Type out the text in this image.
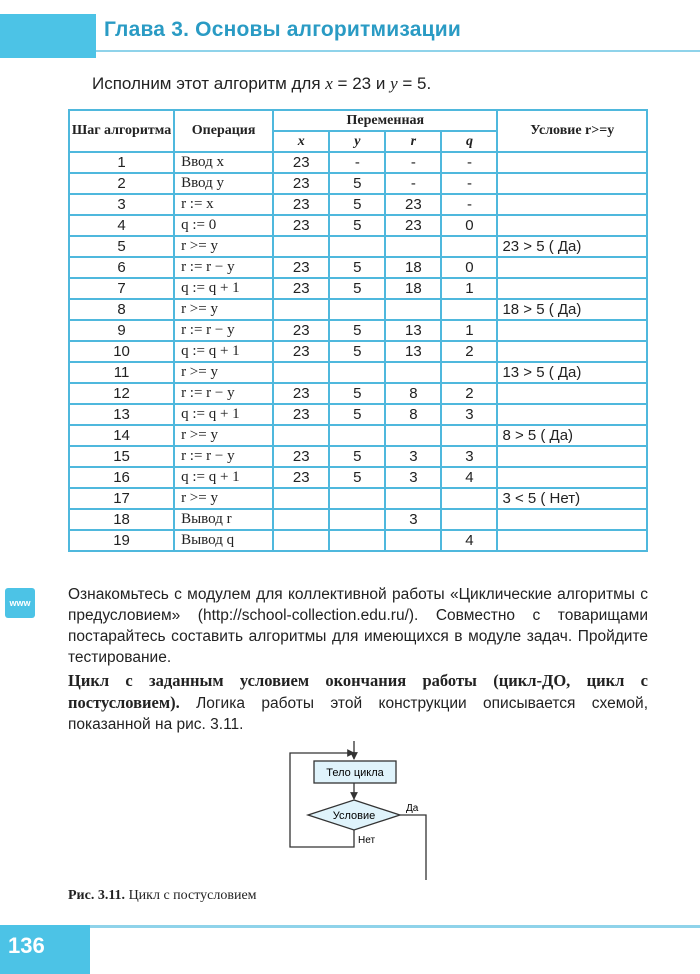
Глава 3. Основы алгоритмизации
Исполним этот алгоритм для x = 23 и y = 5.
Шаг алгоритма	Операция	Переменная				Условие r>=y
		x	y	r	q	
1	Ввод x	23	-	-	-	
2	Ввод y	23	5	-	-	
3	r := x	23	5	23	-	
4	q := 0	23	5	23	0	
5	r >= y					23 > 5 ( Да)
6	r := r − y	23	5	18	0	
7	q := q + 1	23	5	18	1	
8	r >= y					18 > 5 ( Да)
9	r := r − y	23	5	13	1	
10	q := q + 1	23	5	13	2	
11	r >= y					13 > 5 ( Да)
12	r := r − y	23	5	8	2	
13	q := q + 1	23	5	8	3	
14	r >= y					8 > 5 ( Да)
15	r := r − y	23	5	3	3	
16	q := q + 1	23	5	3	4	
17	r >= y					3 < 5 ( Нет)
18	Вывод r			3		
19	Вывод q				4	
www Ознакомьтесь с модулем для коллективной работы «Циклические алгоритмы с предусловием» (http://school-collection.edu.ru/). Совместно с товарищами постарайтесь составить алгоритмы для имеющихся в модуле задач. Пройдите тестирование.
Цикл с заданным условием окончания работы (цикл-ДО, цикл с постусловием). Логика работы этой конструкции описывается схемой, показанной на рис. 3.11.
Тело цикла
Условие
Да
Нет
Рис. 3.11. Цикл с постусловием
136
